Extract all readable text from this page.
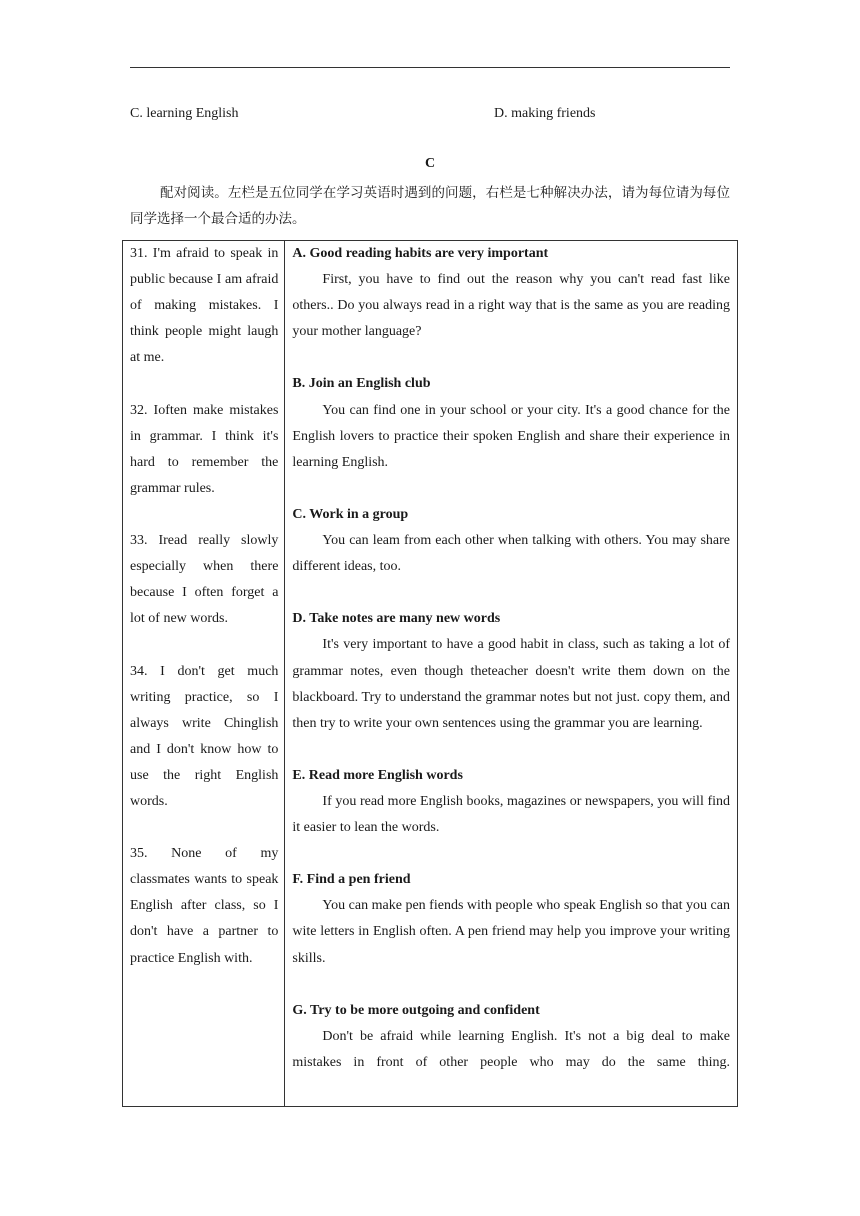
C. learning English	D. making friends
C
配对阅读。左栏是五位同学在学习英语时遇到的问题，右栏是七种解决办法，请为每位请为每位同学选择一个最合适的办法。
31. I'm afraid to speak in public because I am afraid of making mistakes. I think people might laugh at me.
32. Ioften make mistakes in grammar. I think it's hard to remember the grammar rules.
33. Iread really slowly especially when there because I often forget a lot of new words.
34. I don't get much writing practice, so I always write Chinglish and I don't know how to use the right English words.
35. None of my classmates wants to speak English after class, so I don't have a partner to practice English with.

A. Good reading habits are very important
First, you have to find out the reason why you can't read fast like others.. Do you always read in a right way that is the same as you are reading your mother language?
B. Join an English club
You can find one in your school or your city. It's a good chance for the English lovers to practice their spoken English and share their experience in learning English.
C. Work in a group
You can leam from each other when talking with others. You may share different ideas, too.
D. Take notes are many new words
It's very important to have a good habit in class, such as taking a lot of grammar notes, even though theteacher doesn't write them down on the blackboard. Try to understand the grammar notes but not just. copy them, and then try to write your own sentences using the grammar you are learning.
E. Read more English words
If you read more English books, magazines or newspapers, you will find it easier to lean the words.
F. Find a pen friend
You can make pen fiends with people who speak English so that you can wite letters in English often. A pen friend may help you improve your writing skills.
G. Try to be more outgoing and confident
Don't be afraid while learning English. It's not a big deal to make mistakes in front of other people who may do the same thing.
